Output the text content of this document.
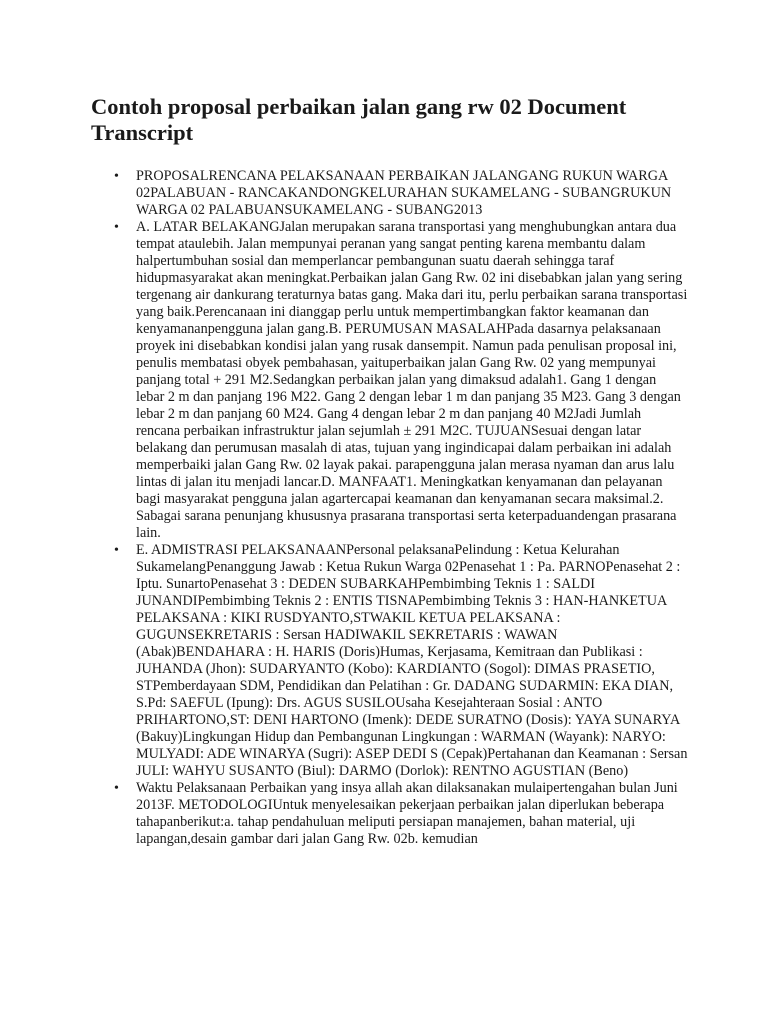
Contoh proposal perbaikan jalan gang rw 02 Document Transcript
• PROPOSALRENCANA PELAKSANAAN PERBAIKAN JALANGANG RUKUN WARGA 02PALABUAN - RANCAKANDONGKELURAHAN SUKAMELANG - SUBANGRUKUN WARGA 02 PALABUANSUKAMELANG - SUBANG2013
• A. LATAR BELAKANGJalan merupakan sarana transportasi yang menghubungkan antara dua tempat ataulebih. Jalan mempunyai peranan yang sangat penting karena membantu dalam halpertumbuhan sosial dan memperlancar pembangunan suatu daerah sehingga taraf hidupmasyarakat akan meningkat.Perbaikan jalan Gang Rw. 02 ini disebabkan jalan yang sering tergenang air dankurang teraturnya batas gang. Maka dari itu, perlu perbaikan sarana transportasi yang baik.Perencanaan ini dianggap perlu untuk mempertimbangkan faktor keamanan dan kenyamananpengguna jalan gang.B. PERUMUSAN MASALAHPada dasarnya pelaksanaan proyek ini disebabkan kondisi jalan yang rusak dansempit. Namun pada penulisan proposal ini, penulis membatasi obyek pembahasan, yaituperbaikan jalan Gang Rw. 02 yang mempunyai panjang total + 291 M2.Sedangkan perbaikan jalan yang dimaksud adalah1. Gang 1 dengan lebar 2 m dan panjang 196 M22. Gang 2 dengan lebar 1 m dan panjang 35 M23. Gang 3 dengan lebar 2 m dan panjang 60 M24. Gang 4 dengan lebar 2 m dan panjang 40 M2Jadi Jumlah rencana perbaikan infrastruktur jalan sejumlah ± 291 M2C. TUJUANSesuai dengan latar belakang dan perumusan masalah di atas, tujuan yang ingindicapai dalam perbaikan ini adalah memperbaiki jalan Gang Rw. 02 layak pakai. parapengguna jalan merasa nyaman dan arus lalu lintas di jalan itu menjadi lancar.D. MANFAAT1. Meningkatkan kenyamanan dan pelayanan bagi masyarakat pengguna jalan agartercapai keamanan dan kenyamanan secara maksimal.2. Sabagai sarana penunjang khususnya prasarana transportasi serta keterpaduandengan prasarana lain.
• E. ADMISTRASI PELAKSANAANPersonal pelaksanaPelindung : Ketua Kelurahan SukamelangPenanggung Jawab : Ketua Rukun Warga 02Penasehat 1 : Pa. PARNOPenasehat 2 : Iptu. SunartoPenasehat 3 : DEDEN SUBARKAHPembimbing Teknis 1 : SALDI JUNANDIPembimbing Teknis 2 : ENTIS TISNAPembimbing Teknis 3 : HAN-HANKETUA PELAKSANA : KIKI RUSDYANTO,STWAKIL KETUA PELAKSANA : GUGUNSEKRETARIS : Sersan HADIWAKIL SEKRETARIS : WAWAN (Abak)BENDAHARA : H. HARIS (Doris)Humas, Kerjasama, Kemitraan dan Publikasi : JUHANDA (Jhon): SUDARYANTO (Kobo): KARDIANTO (Sogol): DIMAS PRASETIO, STPemberdayaan SDM, Pendidikan dan Pelatihan : Gr. DADANG SUDARMIN: EKA DIAN, S.Pd: SAEFUL (Ipung): Drs. AGUS SUSILOUsaha Kesejahteraan Sosial : ANTO PRIHARTONO,ST: DENI HARTONO (Imenk): DEDE SURATNO (Dosis): YAYA SUNARYA (Bakuy)Lingkungan Hidup dan Pembangunan Lingkungan : WARMAN (Wayank): NARYO: MULYADI: ADE WINARYA (Sugri): ASEP DEDI S (Cepak)Pertahanan dan Keamanan : Sersan JULI: WAHYU SUSANTO (Biul): DARMO (Dorlok): RENTNO AGUSTIAN (Beno)
• Waktu Pelaksanaan Perbaikan yang insya allah akan dilaksanakan mulaipertengahan bulan Juni 2013F. METODOLOGIUntuk menyelesaikan pekerjaan perbaikan jalan diperlukan beberapa tahapanberikut:a. tahap pendahuluan meliputi persiapan manajemen, bahan material, uji lapangan,desain gambar dari jalan Gang Rw. 02b. kemudian
